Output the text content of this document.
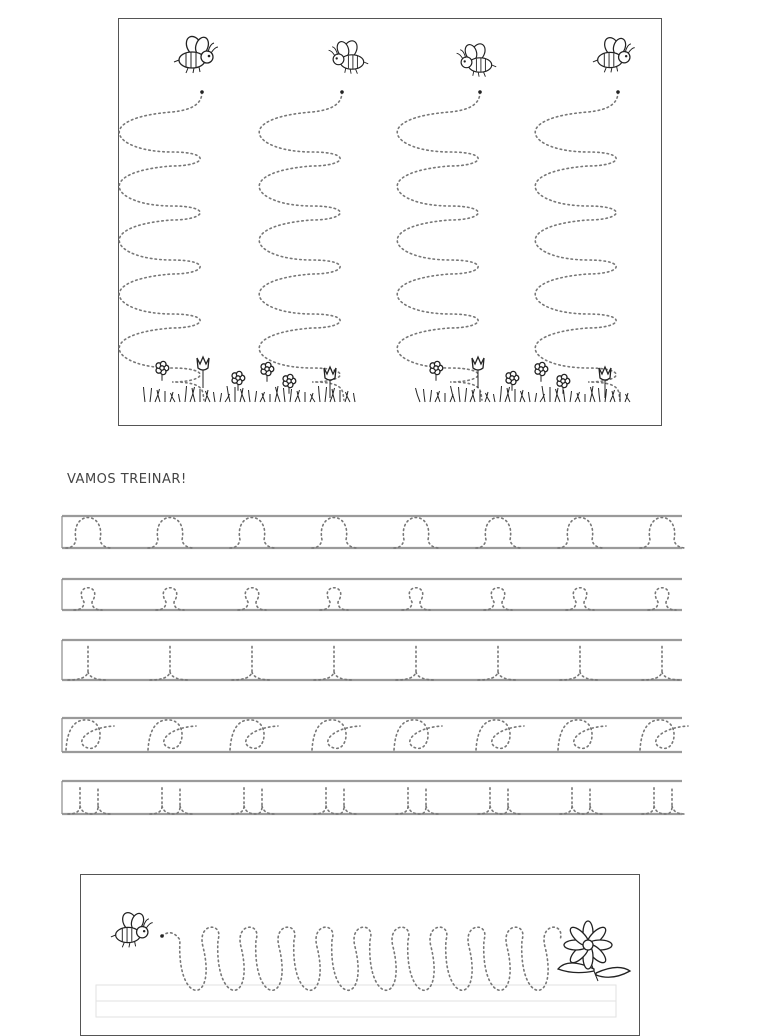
VAMOS TREINAR!
